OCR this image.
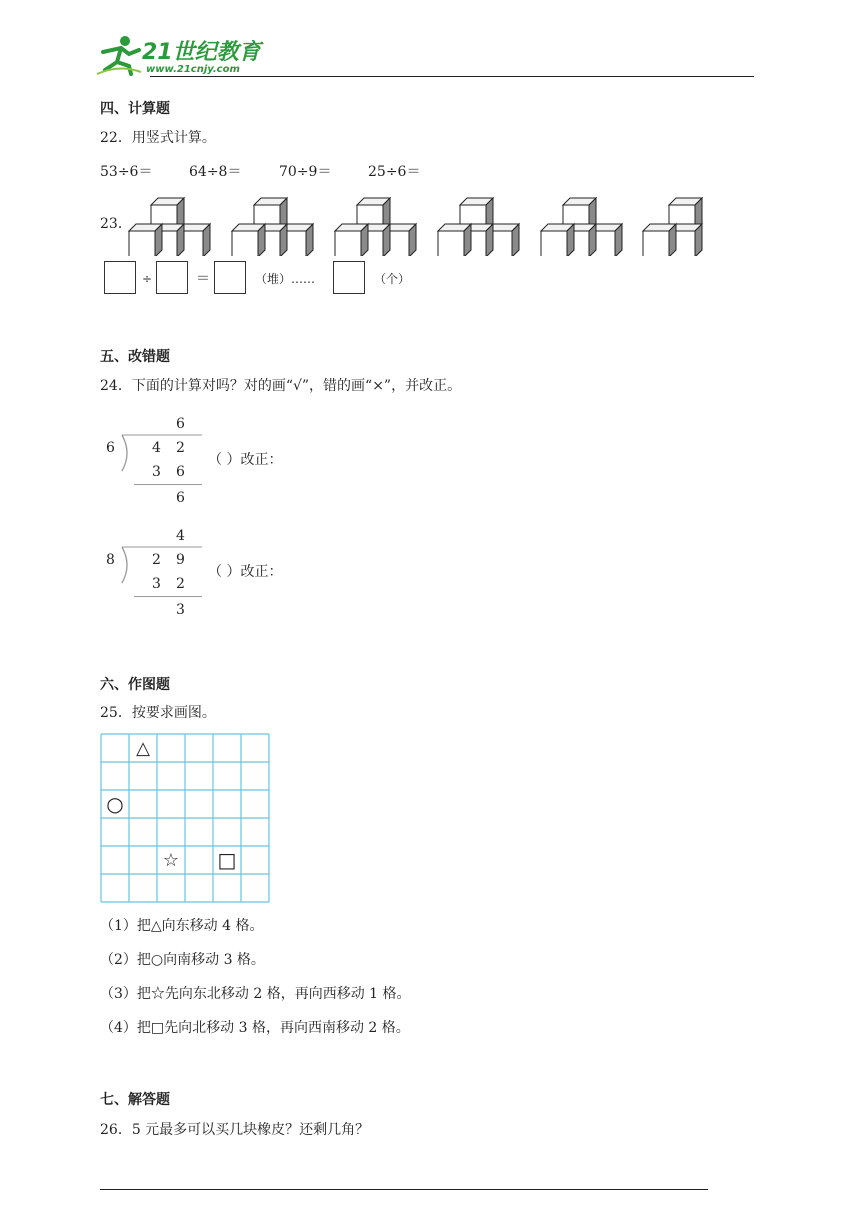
21世纪教育
www.21cnjy.com
四、计算题
22．用竖式计算。
53÷6＝	64÷8＝	70÷9＝	25÷6＝
23．
÷	＝	（堆）……	（个）
五、改错题
24．下面的计算对吗？对的画“√”，错的画“×”，并改正。
6
6	4 2
3 6
6
（ ）改正：
4
8	2 9
3 2
3
（ ）改正：
六、作图题
25．按要求画图。
△
○
☆ □
（1）把△向东移动 4 格。
（2）把○向南移动 3 格。
（3）把☆先向东北移动 2 格，再向西移动 1 格。
（4）把□先向北移动 3 格，再向西南移动 2 格。
七、解答题
26．5 元最多可以买几块橡皮？还剩几角？
